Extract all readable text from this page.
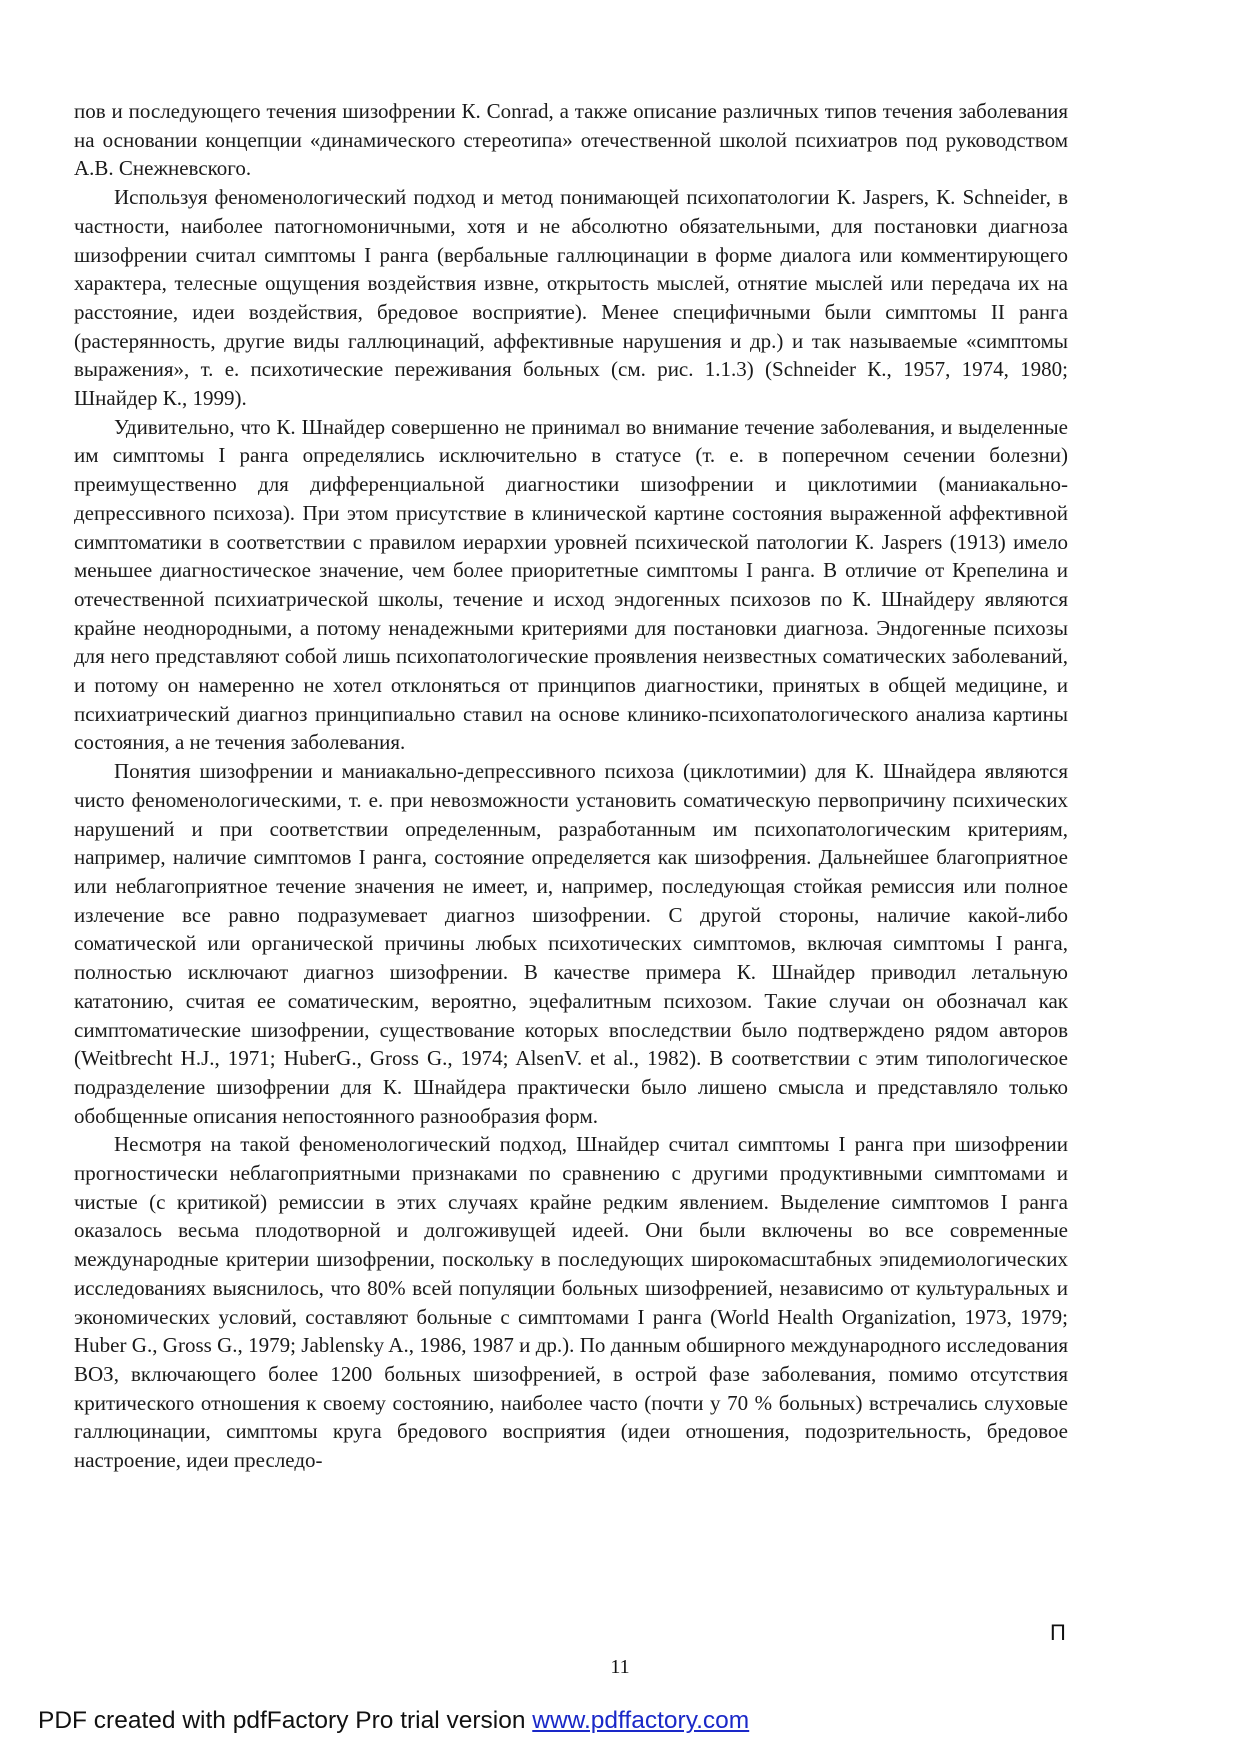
пов и последующего течения шизофрении К. Conrad, а также описание различных типов течения заболевания на основании концепции «динамического стереотипа» отечественной школой психиатров под руководством А.В. Снежневского.

Используя феноменологический подход и метод понимающей психопатологии К. Jaspers, К. Schneider, в частности, наиболее патогномоничными, хотя и не абсолютно обязательными, для постановки диагноза шизофрении считал симптомы I ранга (вербальные галлюцинации в форме диалога или комментирующего характера, телесные ощущения воздействия извне, открытость мыслей, отнятие мыслей или передача их на расстояние, идеи воздействия, бредовое восприятие). Менее специфичными были симптомы II ранга (растерянность, другие виды галлюцинаций, аффективные нарушения и др.) и так называемые «симптомы выражения», т. е. психотические переживания больных (см. рис. 1.1.3) (Schneider К., 1957, 1974, 1980; Шнайдер К., 1999).

Удивительно, что К. Шнайдер совершенно не принимал во внимание течение заболевания, и выделенные им симптомы I ранга определялись исключительно в статусе (т. е. в поперечном сечении болезни) преимущественно для дифференциальной диагностики шизофрении и циклотимии (маниакально-депрессивного психоза). При этом присутствие в клинической картине состояния выраженной аффективной симптоматики в соответствии с правилом иерархии уровней психической патологии К. Jaspers (1913) имело меньшее диагностическое значение, чем более приоритетные симптомы I ранга. В отличие от Крепелина и отечественной психиатрической школы, течение и исход эндогенных психозов по К. Шнайдеру являются крайне неоднородными, а потому ненадежными критериями для постановки диагноза. Эндогенные психозы для него представляют собой лишь психопатологические проявления неизвестных соматических заболеваний, и потому он намеренно не хотел отклоняться от принципов диагностики, принятых в общей медицине, и психиатрический диагноз принципиально ставил на основе клинико-психопатологического анализа картины состояния, а не течения заболевания.

Понятия шизофрении и маниакально-депрессивного психоза (циклотимии) для К. Шнайдера являются чисто феноменологическими, т. е. при невозможности установить соматическую первопричину психических нарушений и при соответствии определенным, разработанным им психопатологическим критериям, например, наличие симптомов I ранга, состояние определяется как шизофрения. Дальнейшее благоприятное или неблагоприятное течение значения не имеет, и, например, последующая стойкая ремиссия или полное излечение все равно подразумевает диагноз шизофрении. С другой стороны, наличие какой-либо соматической или органической причины любых психотических симптомов, включая симптомы I ранга, полностью исключают диагноз шизофрении. В качестве примера К. Шнайдер приводил летальную кататонию, считая ее соматическим, вероятно, эцефалитным психозом. Такие случаи он обозначал как симптоматические шизофрении, существование которых впоследствии было подтверждено рядом авторов (Weitbrecht H.J., 1971; HuberG., Gross G., 1974; AlsenV. et al., 1982). В соответствии с этим типологическое подразделение шизофрении для К. Шнайдера практически было лишено смысла и представляло только обобщенные описания непостоянного разнообразия форм.

Несмотря на такой феноменологический подход, Шнайдер считал симптомы I ранга при шизофрении прогностически неблагоприятными признаками по сравнению с другими продуктивными симптомами и чистые (с критикой) ремиссии в этих случаях крайне редким явлением. Выделение симптомов I ранга оказалось весьма плодотворной и долгоживущей идеей. Они были включены во все современные международные критерии шизофрении, поскольку в последующих широкомасштабных эпидемиологических исследованиях выяснилось, что 80% всей популяции больных шизофренией, независимо от культуральных и экономических условий, составляют больные с симптомами I ранга (World Health Organization, 1973, 1979; Huber G., Gross G., 1979; Jablensky A., 1986, 1987 и др.). По данным обширного международного исследования ВОЗ, включающего более 1200 больных шизофренией, в острой фазе заболевания, помимо отсутствия критического отношения к своему состоянию, наиболее часто (почти у 70 % больных) встречались слуховые галлюцинации, симптомы круга бредового восприятия (идеи отношения, подозрительность, бредовое настроение, идеи преследо-

П
11
PDF created with pdfFactory Pro trial version www.pdffactory.com
